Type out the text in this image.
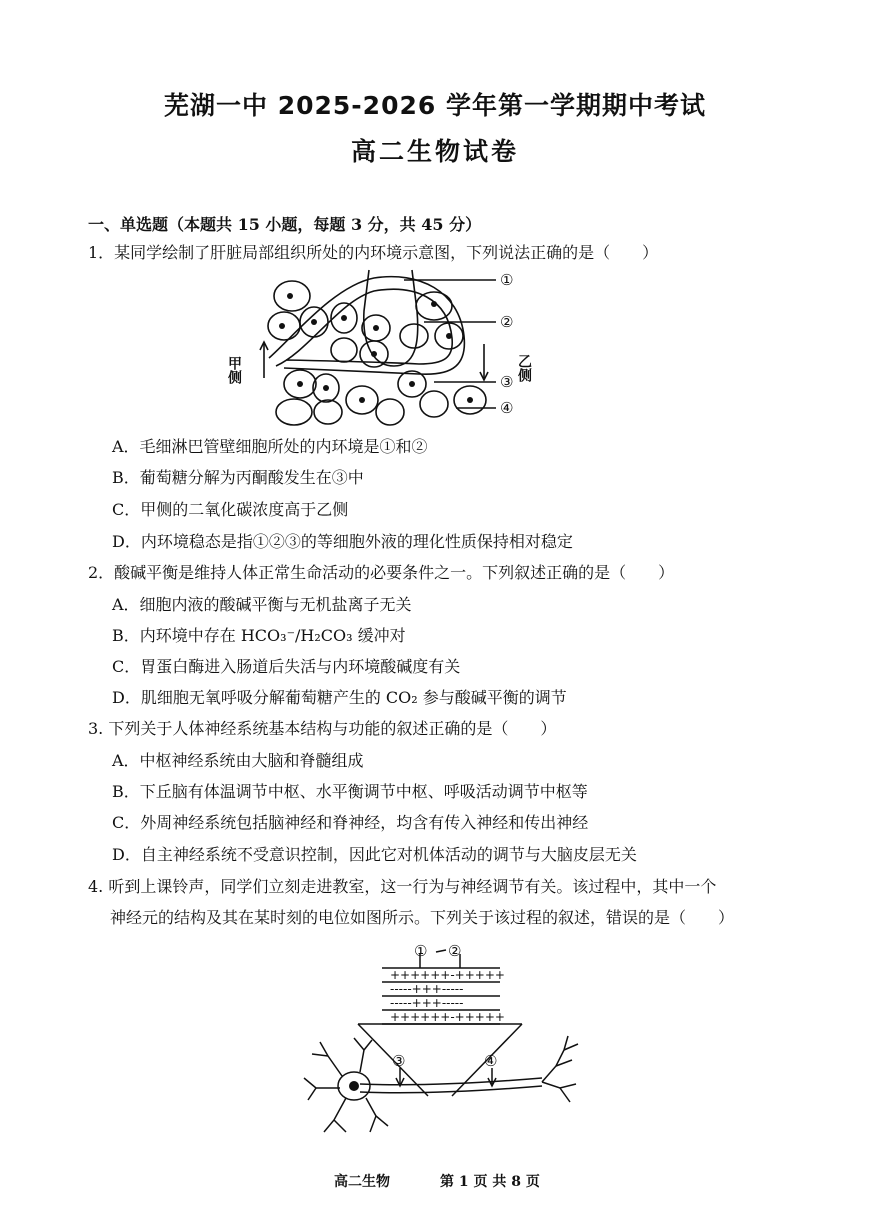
芜湖一中 2025-2026 学年第一学期期中考试
高二生物试卷
一、单选题（本题共 15 小题，每题 3 分，共 45 分）
1．某同学绘制了肝脏局部组织所处的内环境示意图，下列说法正确的是（　　）
①
②
③
④
甲侧	乙侧
A．毛细淋巴管壁细胞所处的内环境是①和②
B．葡萄糖分解为丙酮酸发生在③中
C．甲侧的二氧化碳浓度高于乙侧
D．内环境稳态是指①②③的等细胞外液的理化性质保持相对稳定
2．酸碱平衡是维持人体正常生命活动的必要条件之一。下列叙述正确的是（　　）
A．细胞内液的酸碱平衡与无机盐离子无关
B．内环境中存在 HCO₃⁻/H₂CO₃ 缓冲对
C．胃蛋白酶进入肠道后失活与内环境酸碱度有关
D．肌细胞无氧呼吸分解葡萄糖产生的 CO₂ 参与酸碱平衡的调节
3. 下列关于人体神经系统基本结构与功能的叙述正确的是（　　）
A．中枢神经系统由大脑和脊髓组成
B．下丘脑有体温调节中枢、水平衡调节中枢、呼吸活动调节中枢等
C．外周神经系统包括脑神经和脊神经，均含有传入神经和传出神经
D．自主神经系统不受意识控制，因此它对机体活动的调节与大脑皮层无关
4. 听到上课铃声，同学们立刻走进教室，这一行为与神经调节有关。该过程中，其中一个
神经元的结构及其在某时刻的电位如图所示。下列关于该过程的叙述，错误的是（　　）
++++++-+++++
-----+++-----
-----+++-----
++++++-+++++
① ②
③	④
高二生物	第 1 页 共 8 页
